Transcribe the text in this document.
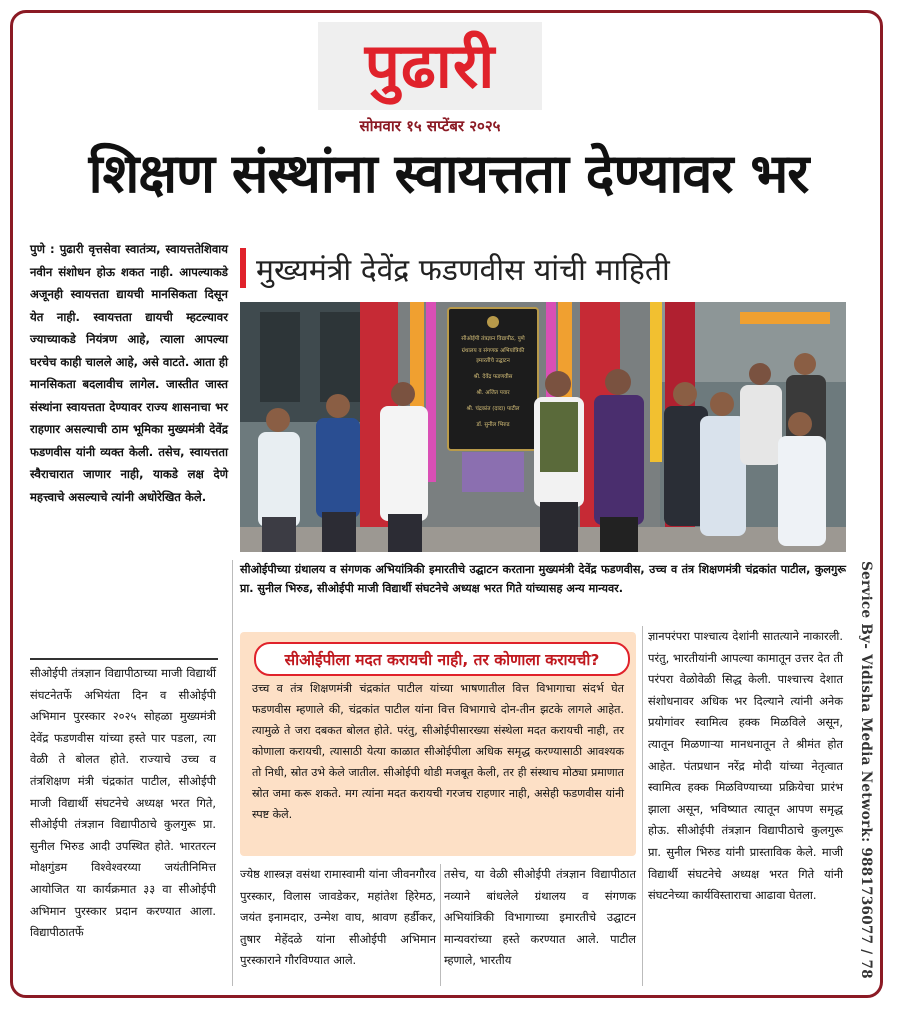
पुढारी
सोमवार १५ सप्टेंबर २०२५
शिक्षण संस्थांना स्वायत्तता देण्यावर भर
मुख्यमंत्री देवेंद्र फडणवीस यांची माहिती
पुणे : पुढारी वृत्तसेवा स्वातंत्र्य, स्वायत्ततेशिवाय नवीन संशोधन होऊ शकत नाही. आपल्याकडे अजूनही स्वायत्तता द्यायची मानसिकता दिसून येत नाही. स्वायत्तता द्यायची म्हटल्यावर ज्याच्याकडे नियंत्रण आहे, त्याला आपल्या घरचेच काही चालले आहे, असे वाटते. आता ही मानसिकता बदलावीच लागेल. जास्तीत जास्त संस्थांना स्वायत्तता देण्यावर राज्य शासनाचा भर राहणार असल्याची ठाम भूमिका मुख्यमंत्री देवेंद्र फडणवीस यांनी व्यक्त केली. तसेच, स्वायत्तता स्वैराचारात जाणार नाही, याकडे लक्ष देणे महत्त्वाचे असल्याचे त्यांनी अधोरेखित केले.
सीओईपी तंत्रज्ञान विद्यापीठाच्या माजी विद्यार्थी संघटनेतर्फे अभियंता दिन व सीओईपी अभिमान पुरस्कार २०२५ सोहळा मुख्यमंत्री देवेंद्र फडणवीस यांच्या हस्ते पार पडला, त्या वेळी ते बोलत होते. राज्याचे उच्च व तंत्रशिक्षण मंत्री चंद्रकांत पाटील, सीओईपी माजी विद्यार्थी संघटनेचे अध्यक्ष भरत गिते, सीओईपी तंत्रज्ञान विद्यापीठाचे कुलगुरू प्रा. सुनील भिरुड आदी उपस्थित होते. भारतरत्न मोक्षगुंडम विश्वेश्वरय्या जयंतीनिमित्त आयोजित या कार्यक्रमात ३३ वा सीओईपी अभिमान पुरस्कार प्रदान करण्यात आला. विद्यापीठातर्फे
सीओईपी तंत्रज्ञान विद्यापीठ, पुणे
ग्रंथालय व संगणक अभियांत्रिकी
इमारतीचे उद्घाटन
श्री. देवेंद्र फडणवीस
श्री. अजित पवार
श्री. चंद्रकांत (दादा) पाटील
डॉ. सुनील भिरुड
सीओईपीच्या ग्रंथालय व संगणक अभियांत्रिकी इमारतीचे उद्घाटन करताना मुख्यमंत्री देवेंद्र फडणवीस, उच्च व तंत्र शिक्षणमंत्री चंद्रकांत पाटील, कुलगुरू प्रा. सुनील भिरुड, सीओईपी माजी विद्यार्थी संघटनेचे अध्यक्ष भरत गिते यांच्यासह अन्य मान्यवर.
सीओईपीला मदत करायची नाही, तर कोणाला करायची?
उच्च व तंत्र शिक्षणमंत्री चंद्रकांत पाटील यांच्या भाषणातील वित्त विभागाचा संदर्भ घेत फडणवीस म्हणाले की, चंद्रकांत पाटील यांना वित्त विभागाचे दोन-तीन झटके लागले आहेत. त्यामुळे ते जरा दबकत बोलत होते. परंतु, सीओईपीसारख्या संस्थेला मदत करायची नाही, तर कोणाला करायची, त्यासाठी येत्या काळात सीओईपीला अधिक समृद्ध करण्यासाठी आवश्यक तो निधी, स्रोत उभे केले जातील. सीओईपी थोडी मजबूत केली, तर ही संस्थाच मोठ्या प्रमाणात स्रोत जमा करू शकते. मग त्यांना मदत करायची गरजच राहणार नाही, असेही फडणवीस यांनी स्पष्ट केले.
ज्येष्ठ शास्त्रज्ञ वसंथा रामास्वामी यांना जीवनगौरव पुरस्कार, विलास जावडेकर, महांतेश हिरेमठ, जयंत इनामदार, उन्मेश वाघ, श्रावण हर्डीकर, तुषार मेहेंदळे यांना सीओईपी अभिमान पुरस्काराने गौरविण्यात आले.
तसेच, या वेळी सीओईपी तंत्रज्ञान विद्यापीठात नव्याने बांधलेले ग्रंथालय व संगणक अभियांत्रिकी विभागाच्या इमारतीचे उद्घाटन मान्यवरांच्या हस्ते करण्यात आले. पाटील म्हणाले, भारतीय
ज्ञानपरंपरा पाश्चात्य देशांनी सातत्याने नाकारली. परंतु, भारतीयांनी आपल्या कामातून उत्तर देत ती परंपरा वेळोवेळी सिद्ध केली. पाश्चात्त्य देशात संशोधनावर अधिक भर दिल्याने त्यांनी अनेक प्रयोगांवर स्वामित्व हक्क मिळविले असून, त्यातून मिळणाऱ्या मानधनातून ते श्रीमंत होत आहेत. पंतप्रधान नरेंद्र मोदी यांच्या नेतृत्वात स्वामित्व हक्क मिळविण्याच्या प्रक्रियेचा प्रारंभ झाला असून, भविष्यात त्यातून आपण समृद्ध होऊ. सीओईपी तंत्रज्ञान विद्यापीठाचे कुलगुरू प्रा. सुनील भिरुड यांनी प्रास्ताविक केले. माजी विद्यार्थी संघटनेचे अध्यक्ष भरत गिते यांनी संघटनेच्या कार्यविस्ताराचा आढावा घेतला.	Service By- Vidisha Media Network: 9881736077 / 78
